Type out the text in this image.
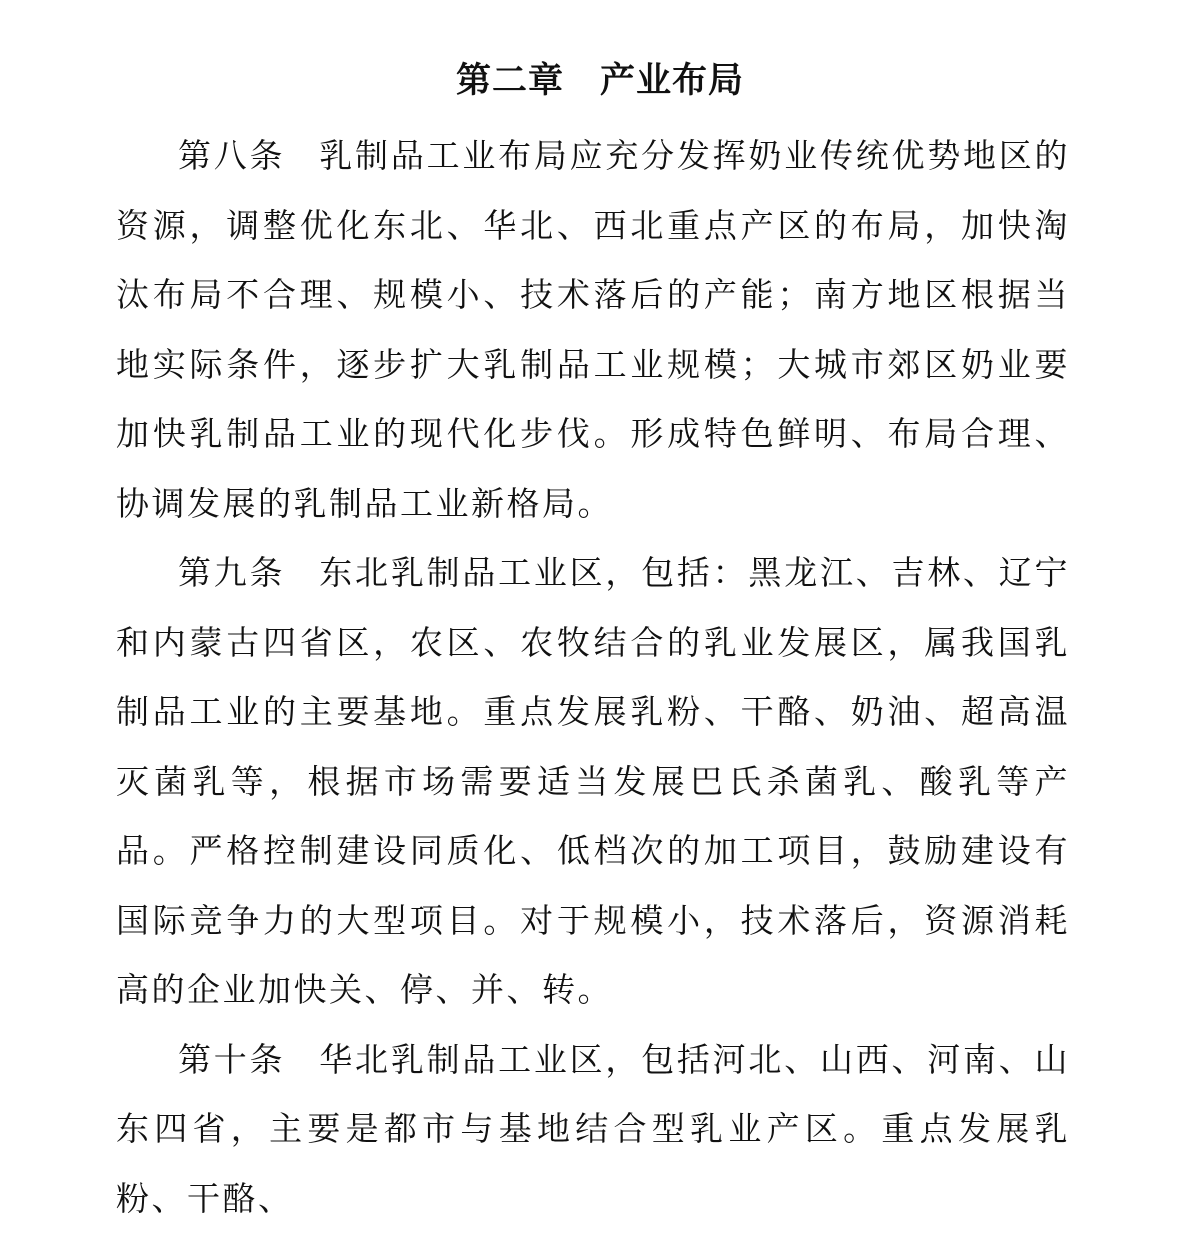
第二章 产业布局

第八条 乳制品工业布局应充分发挥奶业传统优势地区的资源，调整优化东北、华北、西北重点产区的布局，加快淘汰布局不合理、规模小、技术落后的产能；南方地区根据当地实际条件，逐步扩大乳制品工业规模；大城市郊区奶业要加快乳制品工业的现代化步伐。形成特色鲜明、布局合理、协调发展的乳制品工业新格局。

第九条 东北乳制品工业区，包括：黑龙江、吉林、辽宁和内蒙古四省区，农区、农牧结合的乳业发展区，属我国乳制品工业的主要基地。重点发展乳粉、干酪、奶油、超高温灭菌乳等，根据市场需要适当发展巴氏杀菌乳、酸乳等产品。严格控制建设同质化、低档次的加工项目，鼓励建设有国际竞争力的大型项目。对于规模小，技术落后，资源消耗高的企业加快关、停、并、转。

第十条 华北乳制品工业区，包括河北、山西、河南、山东四省，主要是都市与基地结合型乳业产区。重点发展乳粉、干酪、
